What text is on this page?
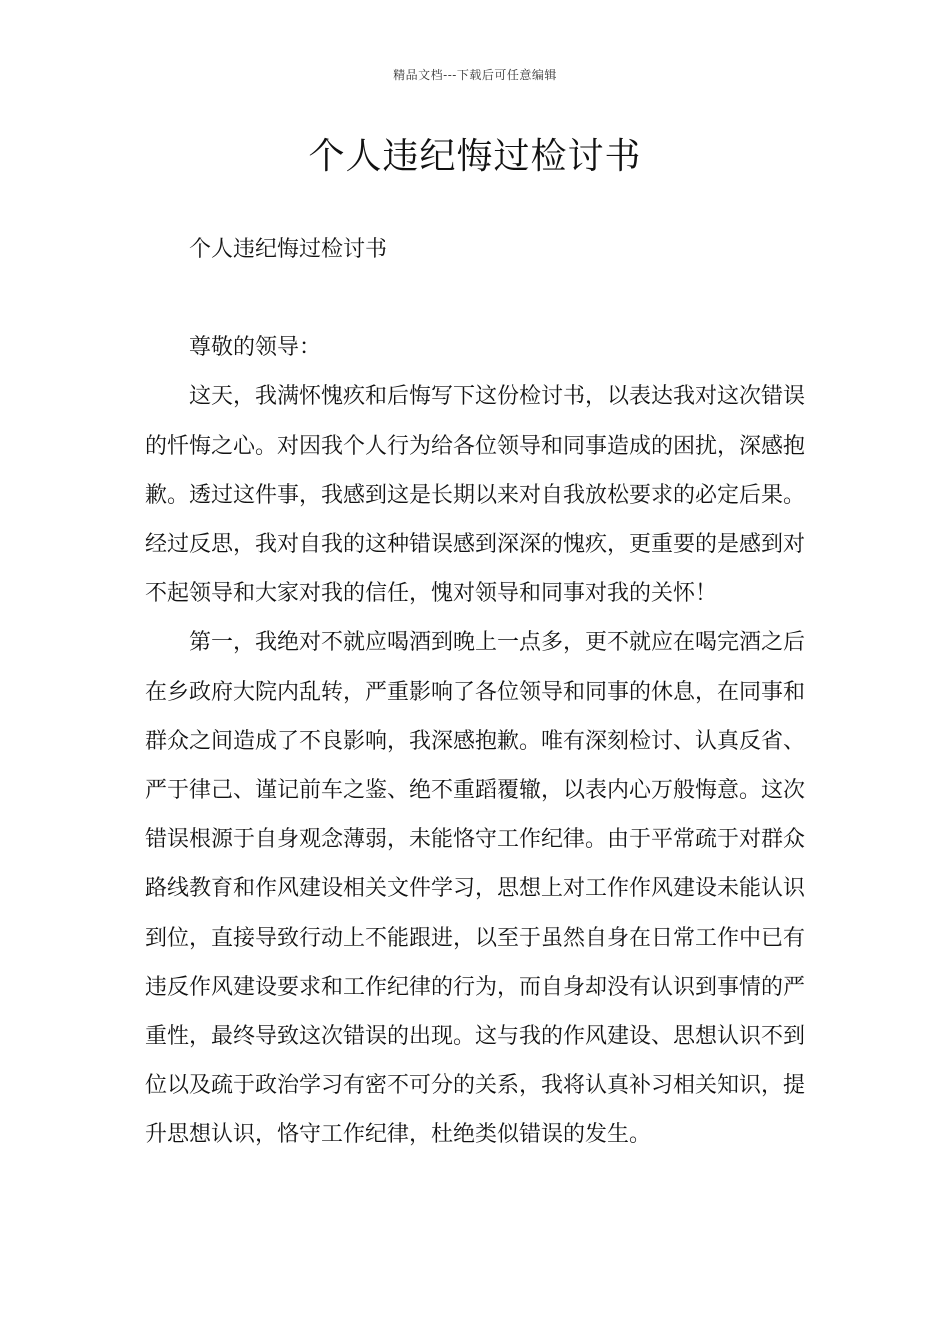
精品文档---下载后可任意编辑
个人违纪悔过检讨书

个人违纪悔过检讨书

尊敬的领导：

这天，我满怀愧疚和后悔写下这份检讨书，以表达我对这次错误的忏悔之心。对因我个人行为给各位领导和同事造成的困扰，深感抱歉。透过这件事，我感到这是长期以来对自我放松要求的必定后果。经过反思，我对自我的这种错误感到深深的愧疚，更重要的是感到对不起领导和大家对我的信任，愧对领导和同事对我的关怀！

第一，我绝对不就应喝酒到晚上一点多，更不就应在喝完酒之后在乡政府大院内乱转，严重影响了各位领导和同事的休息，在同事和群众之间造成了不良影响，我深感抱歉。唯有深刻检讨、认真反省、严于律己、谨记前车之鉴、绝不重蹈覆辙，以表内心万般悔意。这次错误根源于自身观念薄弱，未能恪守工作纪律。由于平常疏于对群众路线教育和作风建设相关文件学习，思想上对工作作风建设未能认识到位，直接导致行动上不能跟进，以至于虽然自身在日常工作中已有违反作风建设要求和工作纪律的行为，而自身却没有认识到事情的严重性，最终导致这次错误的出现。这与我的作风建设、思想认识不到位以及疏于政治学习有密不可分的关系，我将认真补习相关知识，提升思想认识，恪守工作纪律，杜绝类似错误的发生。
